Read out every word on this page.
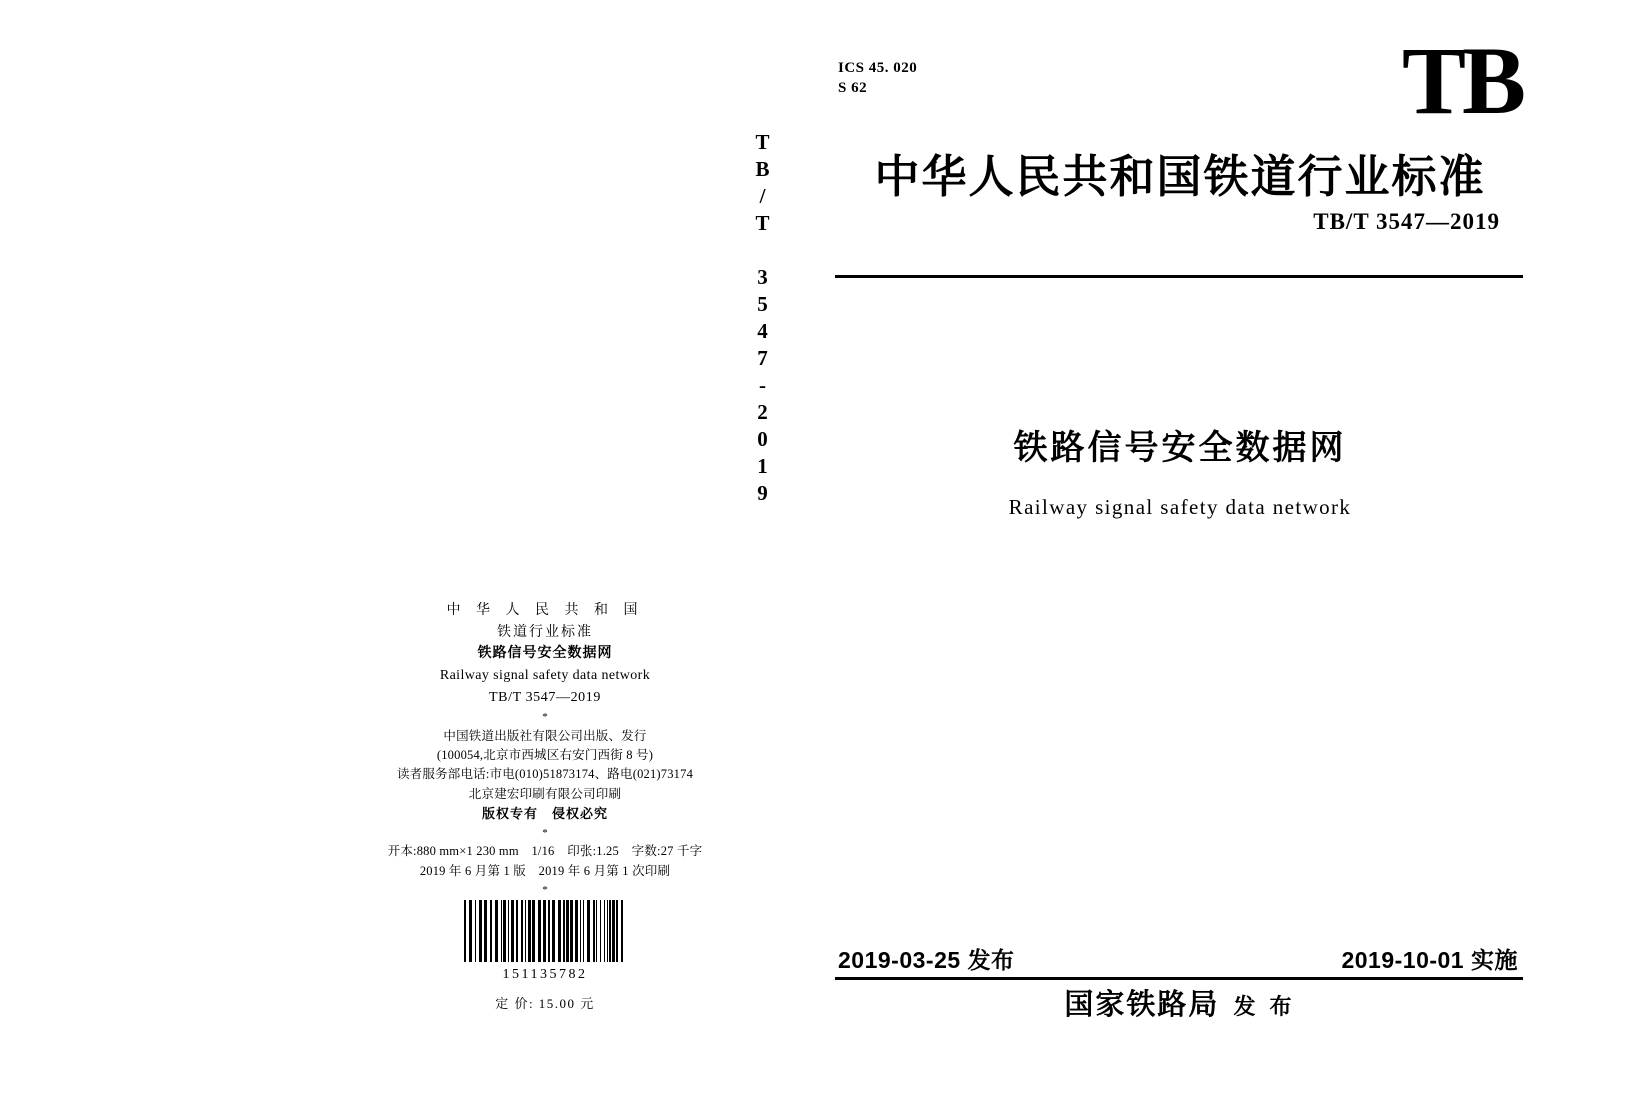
TB/T 3547-2019
ICS 45. 020
S 62	TB
中华人民共和国铁道行业标准
TB/T 3547—2019
铁路信号安全数据网
Railway signal safety data network
2019-03-25 发布	2019-10-01 实施
国家铁路局 发 布
中 华 人 民 共 和 国
铁道行业标准
铁路信号安全数据网
Railway signal safety data network
TB/T 3547—2019
*
中国铁道出版社有限公司出版、发行
(100054,北京市西城区右安门西街 8 号)
读者服务部电话:市电(010)51873174、路电(021)73174
北京建宏印刷有限公司印刷
版权专有　侵权必究
*
开本:880 mm×1 230 mm　1/16　印张:1.25　字数:27 千字
2019 年 6 月第 1 版　2019 年 6 月第 1 次印刷
*
151135782
定 价: 15.00 元
